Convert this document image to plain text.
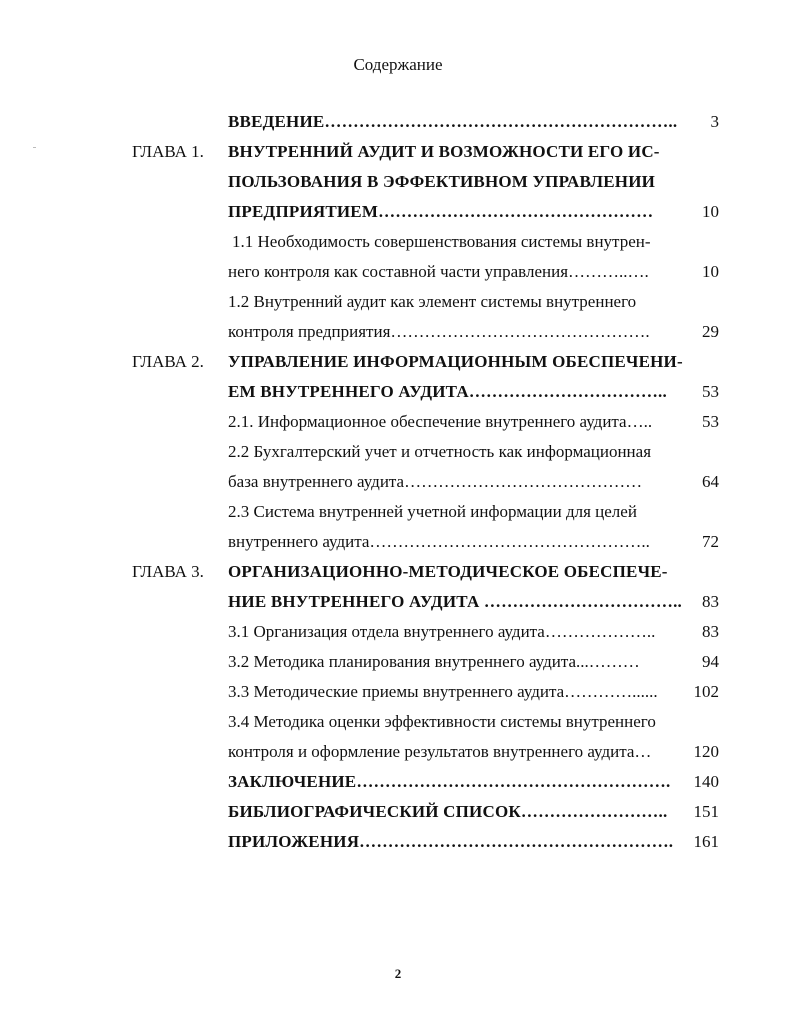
Содержание
ВВЕДЕНИЕ……………………………………………………..	3
ГЛАВА 1. ВНУТРЕННИЙ АУДИТ И ВОЗМОЖНОСТИ ЕГО ИС-
ПОЛЬЗОВАНИЯ В ЭФФЕКТИВНОМ УПРАВЛЕНИИ
ПРЕДПРИЯТИЕМ…………………………………………	10
1.1 Необходимость совершенствования системы внутрен-
него контроля как составной части управления………..….	10
1.2 Внутренний аудит как элемент системы внутреннего
контроля предприятия……………………………………….	29
ГЛАВА 2. УПРАВЛЕНИЕ ИНФОРМАЦИОННЫМ ОБЕСПЕЧЕНИ-
ЕМ ВНУТРЕННЕГО АУДИТА……………………………..	53
2.1. Информационное обеспечение внутреннего аудита…..	53
2.2 Бухгалтерский учет и отчетность как информационная
база внутреннего аудита……………………………………	64
2.3 Система внутренней учетной информации для целей
внутреннего аудита…………………………………………..	72
ГЛАВА 3. ОРГАНИЗАЦИОННО-МЕТОДИЧЕСКОЕ ОБЕСПЕЧЕ-
НИЕ ВНУТРЕННЕГО АУДИТА ……………………………..	83
3.1 Организация отдела внутреннего аудита………………..	83
3.2 Методика планирования внутреннего аудита...………	94
3.3 Методические приемы внутреннего аудита…………......	102
3.4 Методика оценки эффективности системы внутреннего
контроля и оформление результатов внутреннего аудита…	120
ЗАКЛЮЧЕНИЕ……………………………………………….	140
БИБЛИОГРАФИЧЕСКИЙ СПИСОК……………………..	151
ПРИЛОЖЕНИЯ……………………………………………….	161
2
